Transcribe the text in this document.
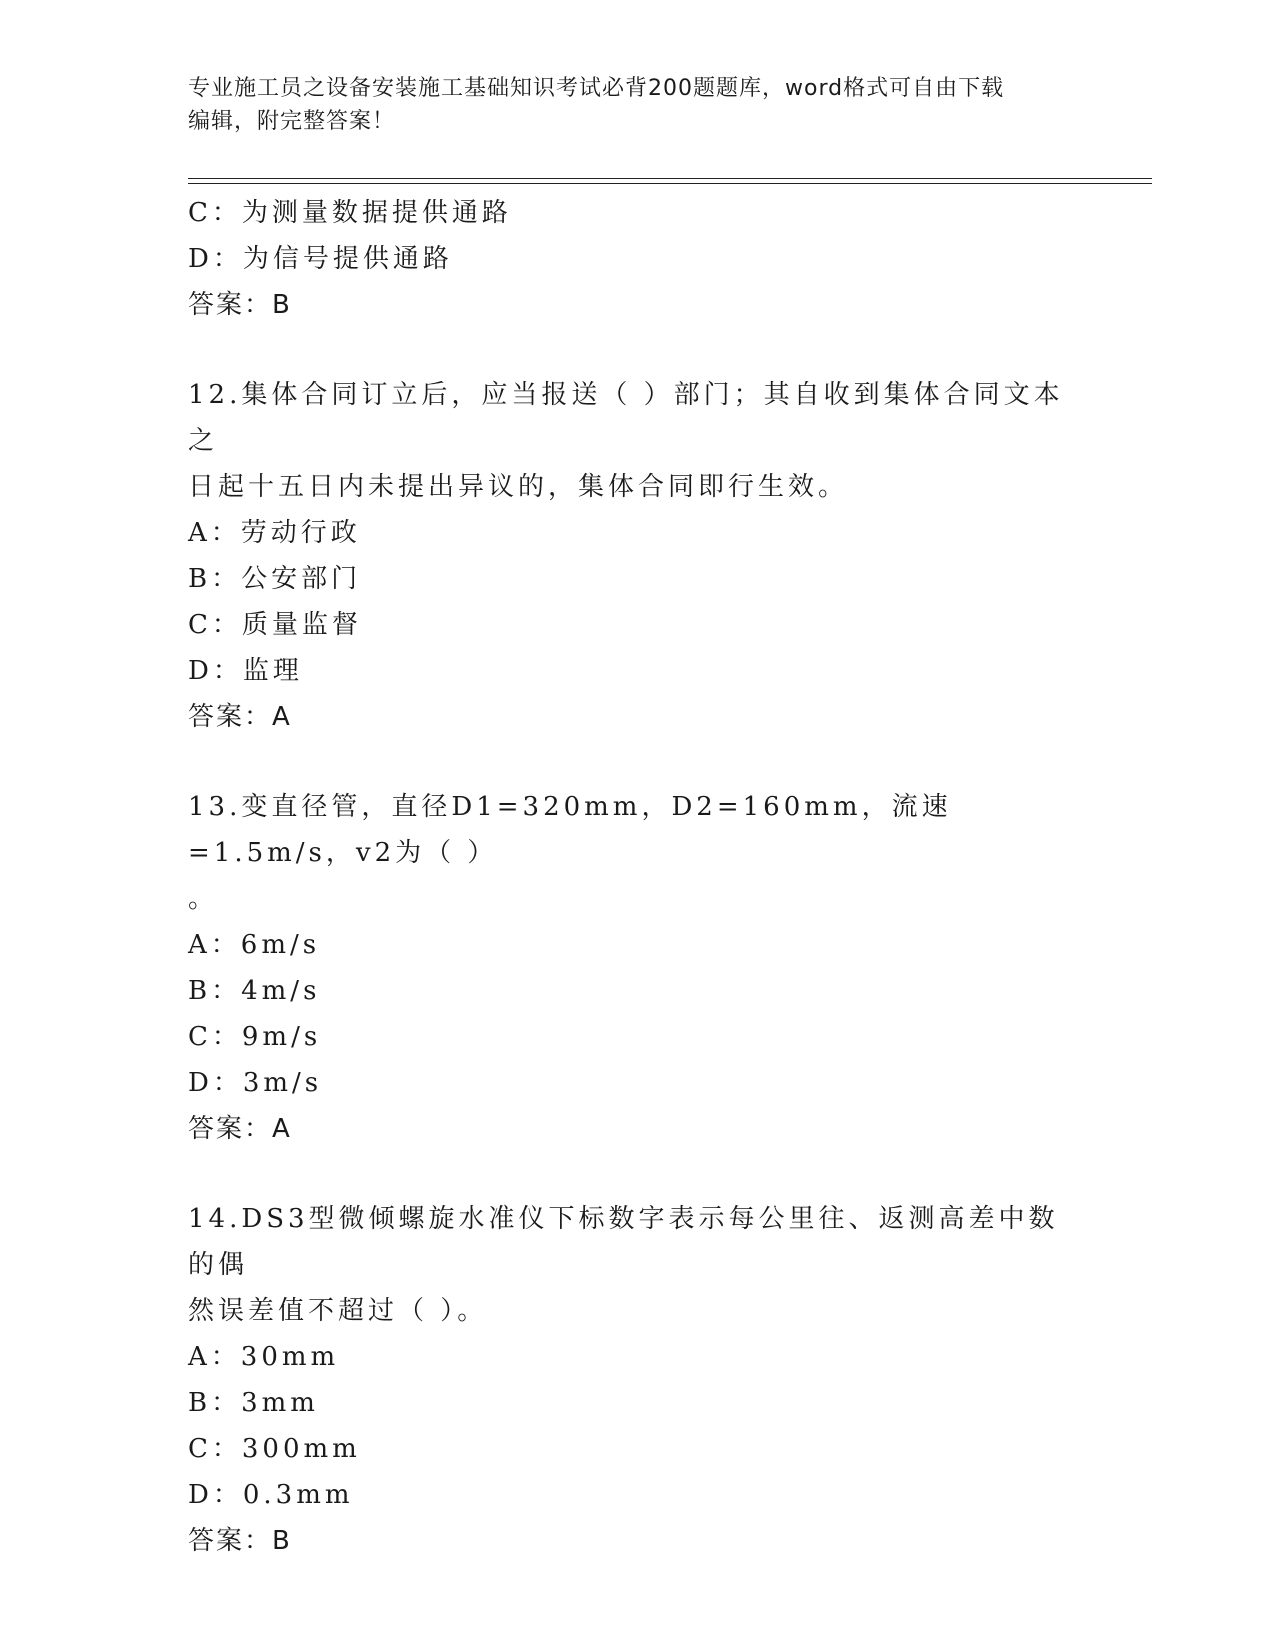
专业施工员之设备安装施工基础知识考试必背200题题库，word格式可自由下载
编辑，附完整答案！
C：为测量数据提供通路
D：为信号提供通路
答案：B
12.集体合同订立后，应当报送（ ）部门；其自收到集体合同文本之
日起十五日内未提出异议的，集体合同即行生效。
A：劳动行政
B：公安部门
C：质量监督
D：监理
答案：A
13.变直径管，直径D1=320mm，D2=160mm，流速=1.5m/s，v2为（ ）
。
A：6m/s
B：4m/s
C：9m/s
D：3m/s
答案：A
14.DS3型微倾螺旋水准仪下标数字表示每公里往、返测高差中数的偶
然误差值不超过（ ）。
A：30mm
B：3mm
C：300mm
D：0.3mm
答案：B
